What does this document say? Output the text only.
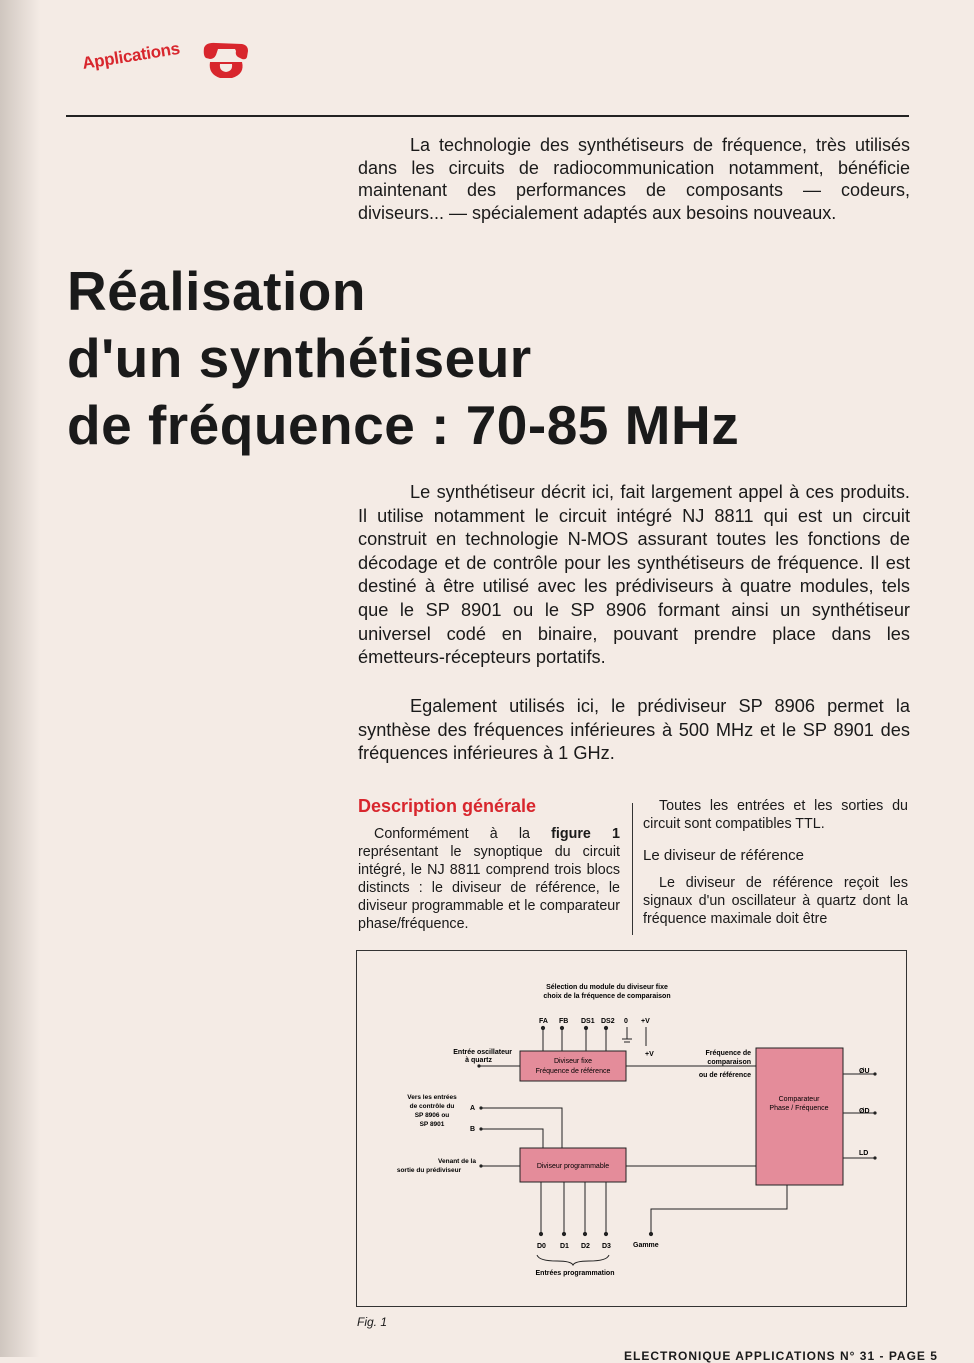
Applications

La technologie des synthétiseurs de fréquence, très utilisés dans les circuits de radiocommunication notamment, bénéficie maintenant des performances de composants — codeurs, diviseurs... — spécialement adaptés aux besoins nouveaux.

Réalisation
d'un synthétiseur
de fréquence : 70-85 MHz

Le synthétiseur décrit ici, fait largement appel à ces produits. Il utilise notamment le circuit intégré NJ 8811 qui est un circuit construit en technologie N-MOS assurant toutes les fonctions de décodage et de contrôle pour les synthétiseurs de fréquence. Il est destiné à être utilisé avec les prédiviseurs à quatre modules, tels que le SP 8901 ou le SP 8906 formant ainsi un synthétiseur universel codé en binaire, pouvant prendre place dans les émetteurs-récepteurs portatifs.

Egalement utilisés ici, le prédiviseur SP 8906 permet la synthèse des fréquences inférieures à 500 MHz et le SP 8901 des fréquences inférieures à 1 GHz.

Description générale

Conformément à la figure 1 représentant le synoptique du circuit intégré, le NJ 8811 comprend trois blocs distincts : le diviseur de référence, le diviseur programmable et le comparateur phase/fréquence.

Toutes les entrées et les sorties du circuit sont compatibles TTL.

Le diviseur de référence

Le diviseur de référence reçoit les signaux d'un oscillateur à quartz dont la fréquence maximale doit être

Sélection du module du diviseur fixe
choix de la fréquence de comparaison
FA FB DS1 DS2 0 +V
+V
Diviseur fixe
Fréquence de référence
Entrée oscillateur
à quartz
Fréquence de
comparaison
ou de référence
Comparateur
Phase / Fréquence
ØU
ØD
LD
Vers les entrées
de contrôle du
SP 8906 ou
SP 8901
A
B
Diviseur programmable
Venant de la
sortie du prédiviseur
D0 D1 D2 D3	Gamme
Entrées programmation
Fig. 1
ELECTRONIQUE APPLICATIONS N° 31 - PAGE 5
